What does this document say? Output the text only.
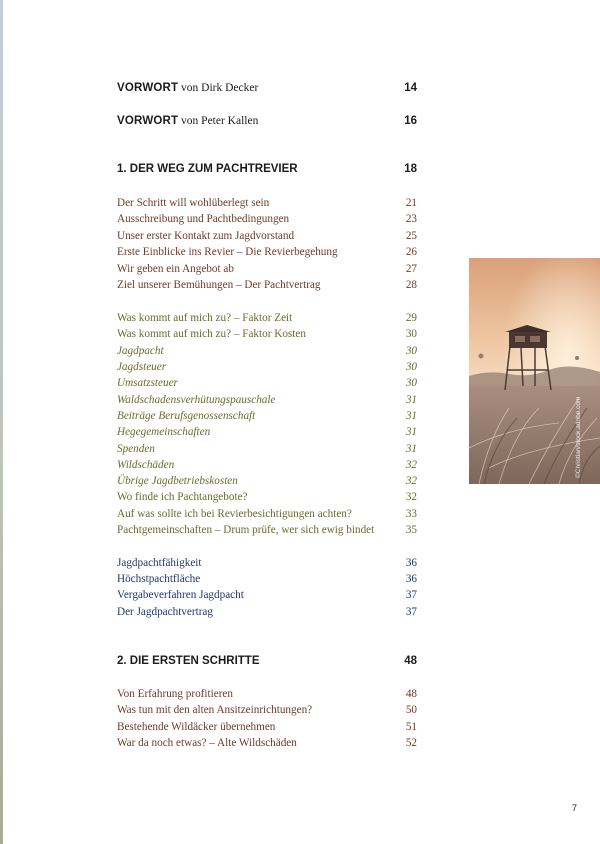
VORWORT von Dirk Decker	14
VORWORT von Peter Kallen	16
1. DER WEG ZUM PACHTREVIER	18
Der Schritt will wohlüberlegt sein	21
Ausschreibung und Pachtbedingungen	23
Unser erster Kontakt zum Jagdvorstand	25
Erste Einblicke ins Revier – Die Revierbegehung	26
Wir geben ein Angebot ab	27
Ziel unserer Bemühungen – Der Pachtvertrag	28
Was kommt auf mich zu? – Faktor Zeit	29
Was kommt auf mich zu? – Faktor Kosten	30
Jagdpacht	30
Jagdsteuer	30
Umsatzsteuer	30
Waldschadensverhütungspauschale	31
Beiträge Berufsgenossenschaft	31
Hegegemeinschaften	31
Spenden	31
Wildschäden	32
Übrige Jagdbetriebskosten	32
Wo finde ich Pachtangebote?	32
Auf was sollte ich bei Revierbesichtigungen achten?	33
Pachtgemeinschaften – Drum prüfe, wer sich ewig bindet	35
Jagdpachtfähigkeit	36
Höchstpachtfläche	36
Vergabeverfahren Jagdpacht	37
Der Jagdpachtvertrag	37
2. DIE ERSTEN SCHRITTE	48
Von Erfahrung profitieren	48
Was tun mit den alten Ansitzeinrichtungen?	50
Bestehende Wildäcker übernehmen	51
War da noch etwas? – Alte Wildschäden	52
©Christian/stock.adobe.com
7
